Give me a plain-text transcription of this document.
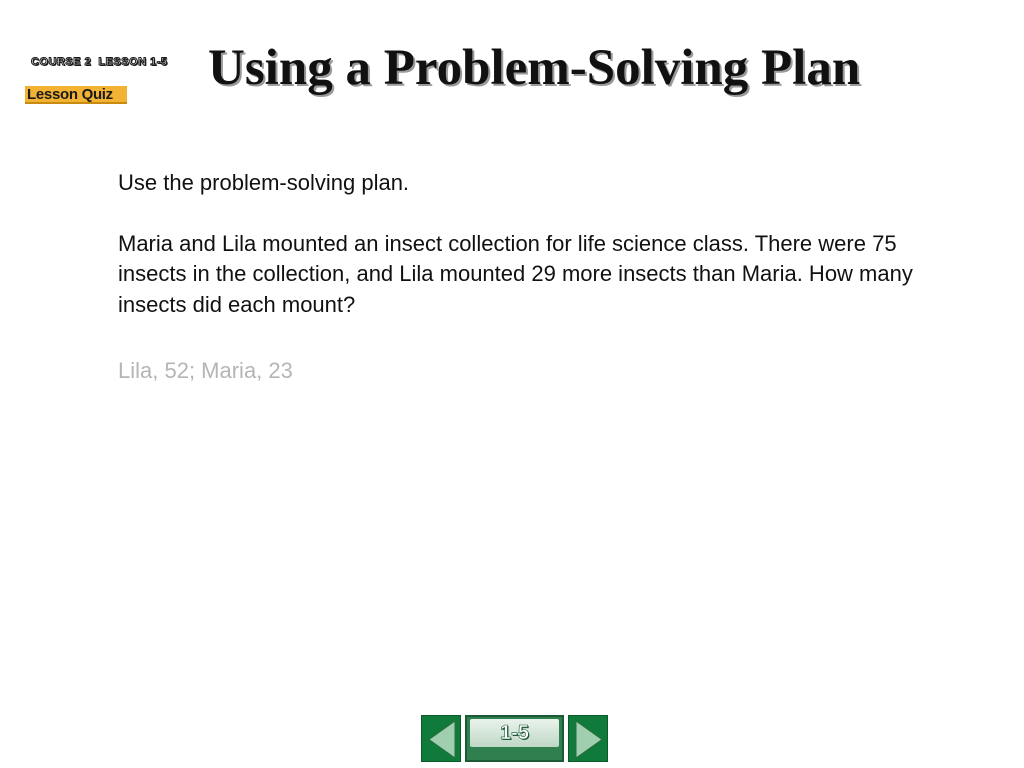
COURSE 2  LESSON 1-5
Lesson Quiz Using a Problem-Solving Plan

Use the problem-solving plan.

Maria and Lila mounted an insect collection for life science class. There were 75 insects in the collection, and Lila mounted 29 more insects than Maria. How many insects did each mount?

Lila, 52; Maria, 23
1-5
